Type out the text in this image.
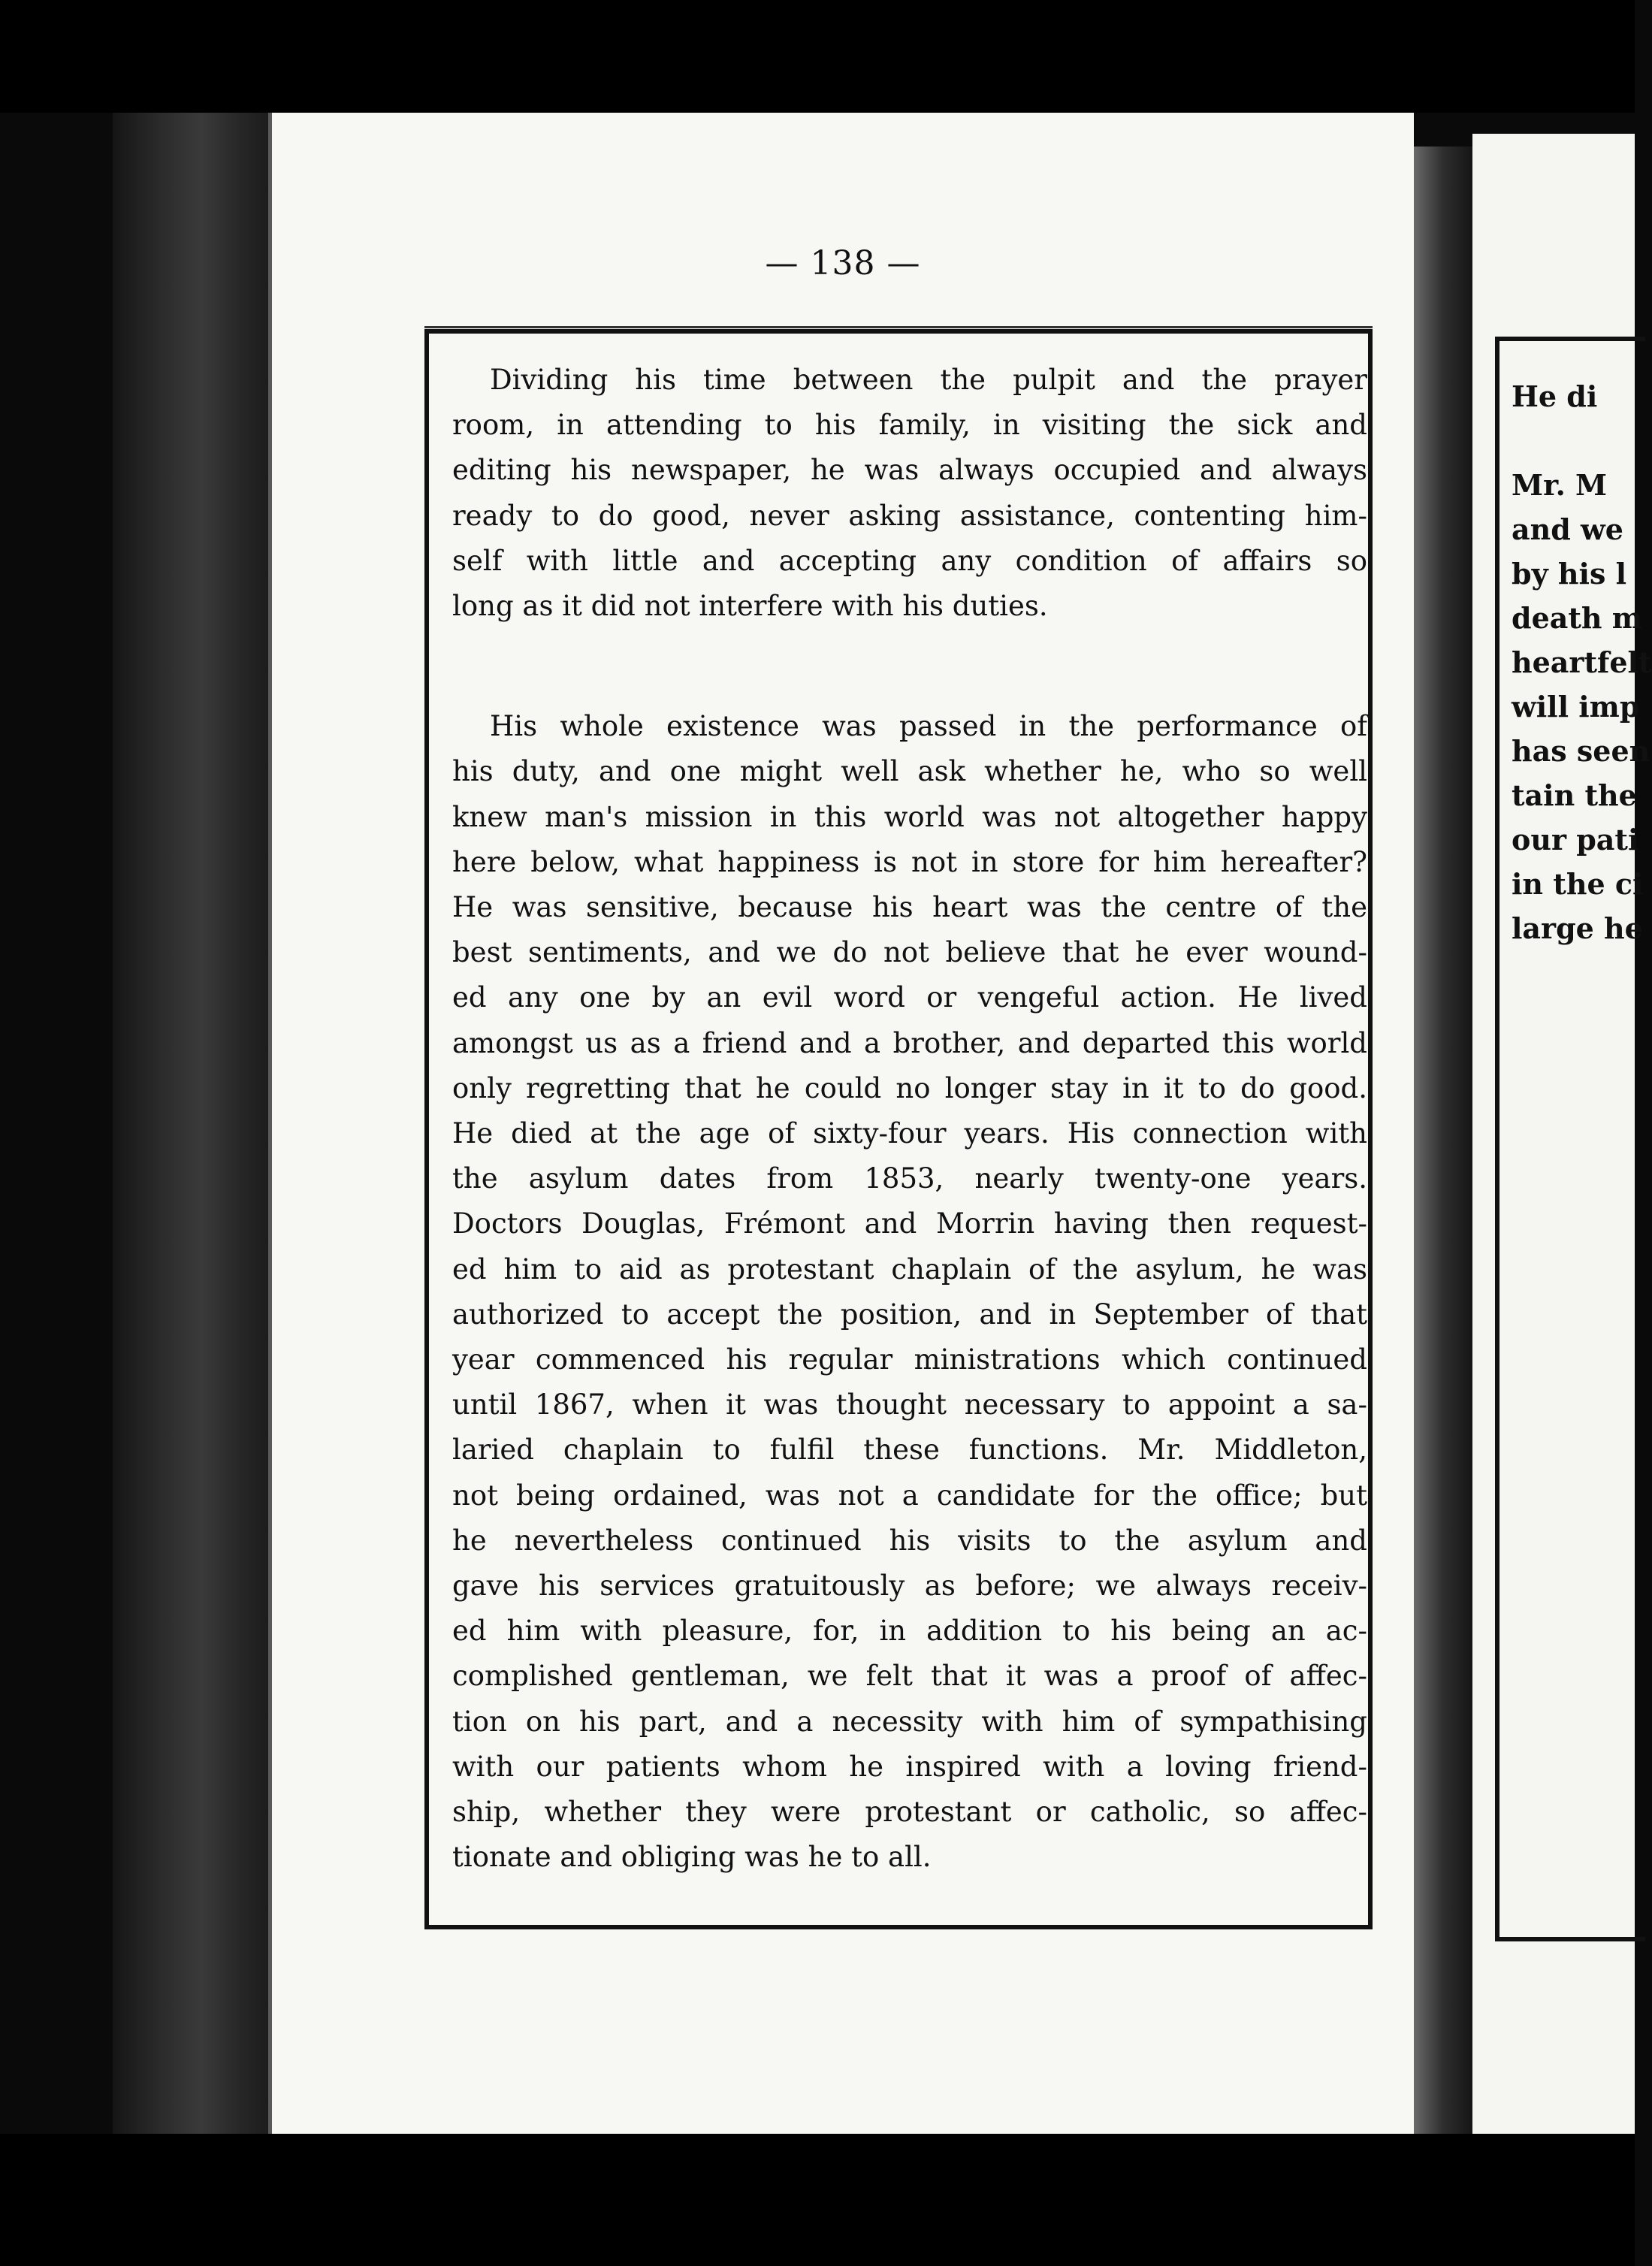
— 138 —

Dividing his time between the pulpit and the prayer
room, in attending to his family, in visiting the sick and
editing his newspaper, he was always occupied and always
ready to do good, never asking assistance, contenting him-
self with little and accepting any condition of affairs so
long as it did not interfere with his duties.

His whole existence was passed in the performance of
his duty, and one might well ask whether he, who so well
knew man's mission in this world was not altogether happy
here below, what happiness is not in store for him hereafter?
He was sensitive, because his heart was the centre of the
best sentiments, and we do not believe that he ever wound-
ed any one by an evil word or vengeful action. He lived
amongst us as a friend and a brother, and departed this world
only regretting that he could no longer stay in it to do good.
He died at the age of sixty-four years. His connection with
the asylum dates from 1853, nearly twenty-one years.
Doctors Douglas, Frémont and Morrin having then request-
ed him to aid as protestant chaplain of the asylum, he was
authorized to accept the position, and in September of that
year commenced his regular ministrations which continued
until 1867, when it was thought necessary to appoint a sa-
laried chaplain to fulfil these functions. Mr. Middleton,
not being ordained, was not a candidate for the office; but
he nevertheless continued his visits to the asylum and
gave his services gratuitously as before; we always receiv-
ed him with pleasure, for, in addition to his being an ac-
complished gentleman, we felt that it was a proof of affec-
tion on his part, and a necessity with him of sympathising
with our patients whom he inspired with a loving friend-
ship, whether they were protestant or catholic, so affec-
tionate and obliging was he to all.

He di

Mr. M
and we
by his l
death m
heartfelt
will imp
has seen
tain the
our pati
in the ci
large he
